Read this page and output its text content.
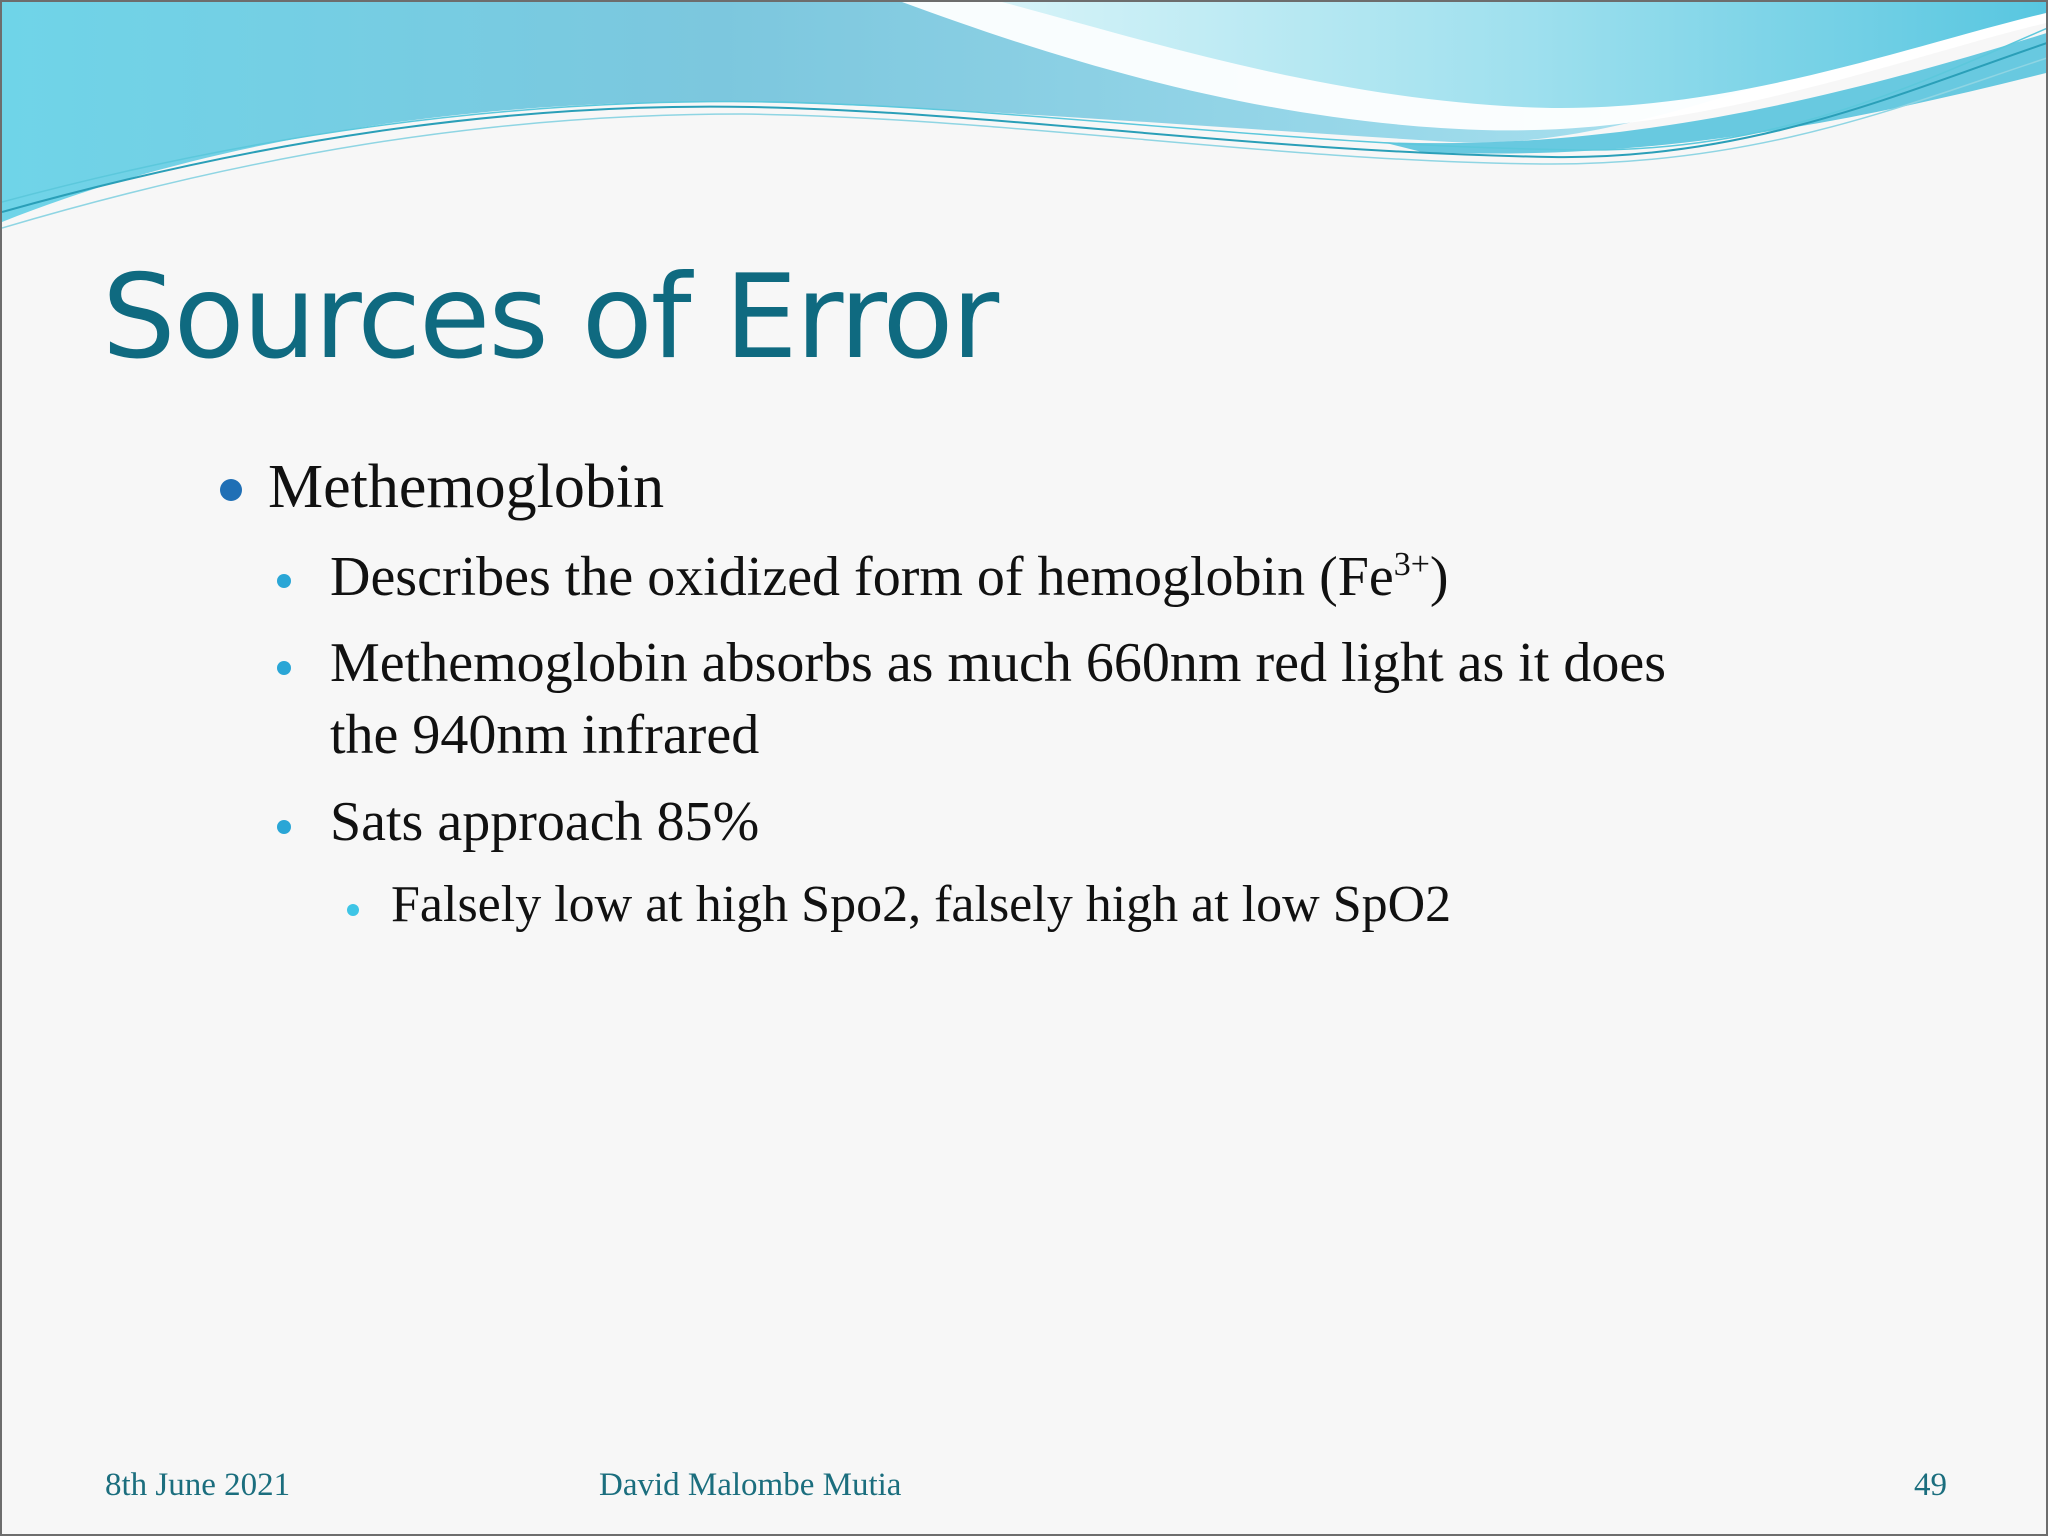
Sources of Error
Methemoglobin
Describes the oxidized form of hemoglobin $(Fe^{3+})$
Methemoglobin absorbs as much 660nm red light as it does
the 940nm infrared
Sats approach 85%
Falsely low at high Spo2, falsely high at low SpO2
8th June 2021	David Malombe Mutia	49
